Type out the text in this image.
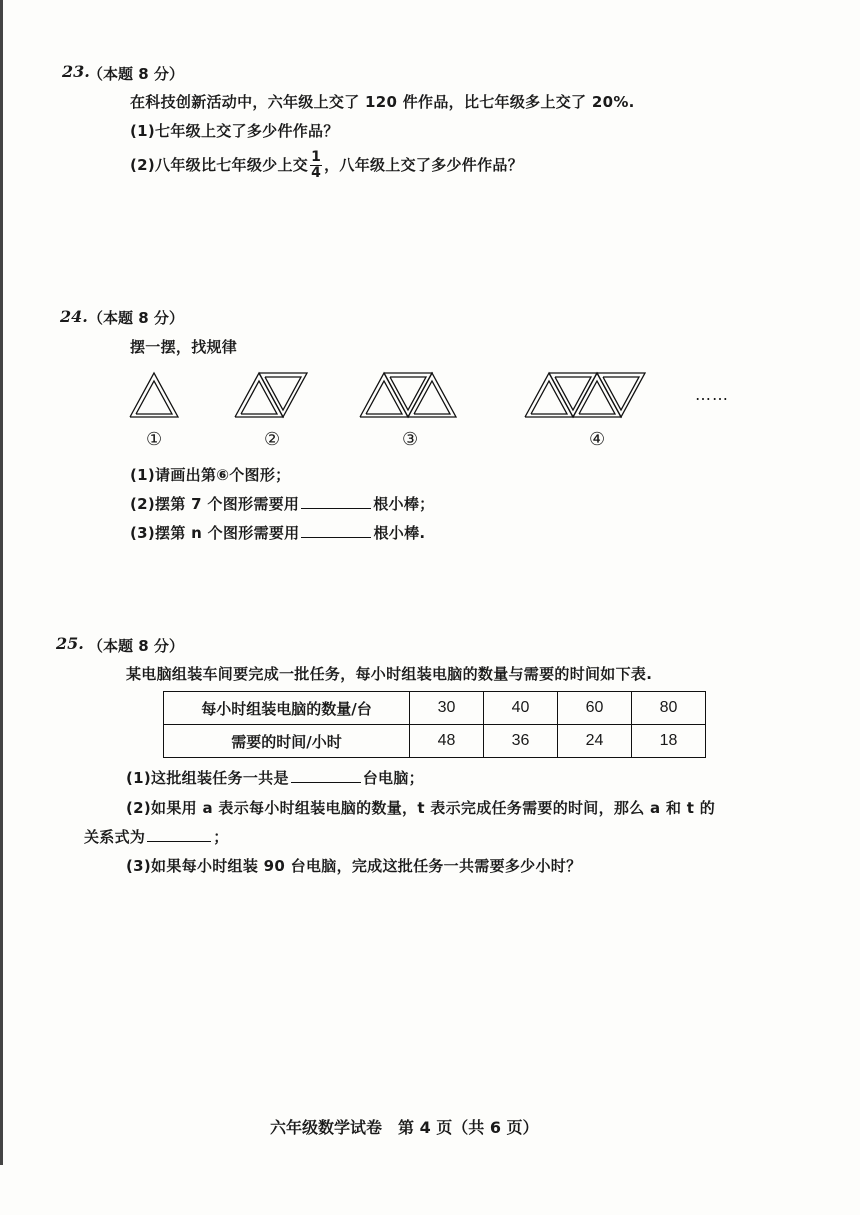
23.
（本题 8 分）
在科技创新活动中，六年级上交了 120 件作品，比七年级多上交了 20%.
(1)七年级上交了多少件作品？
(2)八年级比七年级少上交 $\frac{1}{4}$ ，八年级上交了多少件作品？
24. （本题 8 分）
摆一摆，找规律
……
①	②	③	④
(1)请画出第⑥个图形；
(2)摆第 7 个图形需要用	根小棒；
(3)摆第 n 个图形需要用	根小棒.
25. （本题 8 分）
某电脑组装车间要完成一批任务，每小时组装电脑的数量与需要的时间如下表.
每小时组装电脑的数量/台	30	40	60	80
需要的时间/小时	48	36	24	18
(1)这批组装任务一共是	台电脑；
(2)如果用 a 表示每小时组装电脑的数量，t 表示完成任务需要的时间，那么 a 和 t 的
关系式为	；
(3)如果每小时组装 90 台电脑，完成这批任务一共需要多少小时？
六年级数学试卷　第 4 页（共 6 页）
